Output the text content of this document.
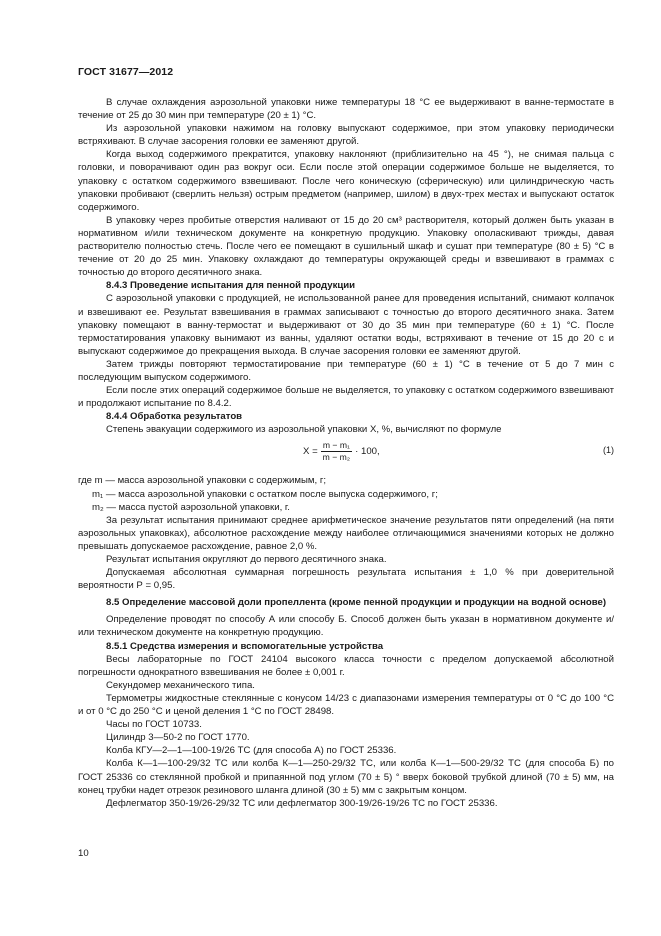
ГОСТ 31677—2012

В случае охлаждения аэрозольной упаковки ниже температуры 18 °С ее выдерживают в ванне-термостате в течение от 25 до 30 мин при температуре (20 ± 1) °С.

Из аэрозольной упаковки нажимом на головку выпускают содержимое, при этом упаковку периодически встряхивают. В случае засорения головки ее заменяют другой.

Когда выход содержимого прекратится, упаковку наклоняют (приблизительно на 45 °), не снимая пальца с головки, и поворачивают один раз вокруг оси. Если после этой операции содержимое больше не выделяется, то упаковку с остатком содержимого взвешивают. После чего коническую (сферическую) или цилиндрическую часть упаковки пробивают (сверлить нельзя) острым предметом (например, шилом) в двух-трех местах и выпускают остаток содержимого.

В упаковку через пробитые отверстия наливают от 15 до 20 см³ растворителя, который должен быть указан в нормативном и/или техническом документе на конкретную продукцию. Упаковку ополаскивают трижды, давая растворителю полностью стечь. После чего ее помещают в сушильный шкаф и сушат при температуре (80 ± 5) °С в течение от 20 до 25 мин. Упаковку охлаждают до температуры окружающей среды и взвешивают в граммах с точностью до второго десятичного знака.

8.4.3 Проведение испытания для пенной продукции

С аэрозольной упаковки с продукцией, не использованной ранее для проведения испытаний, снимают колпачок и взвешивают ее. Результат взвешивания в граммах записывают с точностью до второго десятичного знака. Затем упаковку помещают в ванну-термостат и выдерживают от 30 до 35 мин при температуре (60 ± 1) °С. После термостатирования упаковку вынимают из ванны, удаляют остатки воды, встряхивают в течение от 15 до 20 с и выпускают содержимое до прекращения выхода. В случае засорения головки ее заменяют другой.

Затем трижды повторяют термостатирование при температуре (60 ± 1) °С в течение от 5 до 7 мин с последующим выпуском содержимого.

Если после этих операций содержимое больше не выделяется, то упаковку с остатком содержимого взвешивают и продолжают испытание по 8.4.2.

8.4.4 Обработка результатов

Степень эвакуации содержимого из аэрозольной упаковки X, %, вычисляют по формуле

$X = \frac{\text{m − m₁}}{\text{m − m₂}} \cdot 100$,	(1)

где m — масса аэрозольной упаковки с содержимым, г;

m₁ — масса аэрозольной упаковки с остатком после выпуска содержимого, г;

m₂ — масса пустой аэрозольной упаковки, г.

За результат испытания принимают среднее арифметическое значение результатов пяти определений (на пяти аэрозольных упаковках), абсолютное расхождение между наиболее отличающимися значениями которых не должно превышать допускаемое расхождение, равное 2,0 %.

Результат испытания округляют до первого десятичного знака.

Допускаемая абсолютная суммарная погрешность результата испытания ± 1,0 % при доверительной вероятности Р = 0,95.

8.5 Определение массовой доли пропеллента (кроме пенной продукции и продукции на водной основе)

Определение проводят по способу А или способу Б. Способ должен быть указан в нормативном документе и/или техническом документе на конкретную продукцию.

8.5.1 Средства измерения и вспомогательные устройства

Весы лабораторные по ГОСТ 24104 высокого класса точности с пределом допускаемой абсолютной погрешности однократного взвешивания не более ± 0,001 г.

Секундомер механического типа.

Термометры жидкостные стеклянные с конусом 14/23 с диапазонами измерения температуры от 0 °С до 100 °С и от 0 °С до 250 °С и ценой деления 1 °С по ГОСТ 28498.

Часы по ГОСТ 10733.

Цилиндр 3—50-2 по ГОСТ 1770.

Колба КГУ—2—1—100-19/26 ТС (для способа А) по ГОСТ 25336.

Колба К—1—100-29/32 ТС или колба К—1—250-29/32 ТС, или колба К—1—500-29/32 ТС (для способа Б) по ГОСТ 25336 со стеклянной пробкой и припаянной под углом (70 ± 5) ° вверх боковой трубкой длиной (70 ± 5) мм, на конец трубки надет отрезок резинового шланга длиной (30 ± 5) мм с закрытым концом.

Дефлегматор 350-19/26-29/32 ТС или дефлегматор 300-19/26-19/26 ТС по ГОСТ 25336.

10
